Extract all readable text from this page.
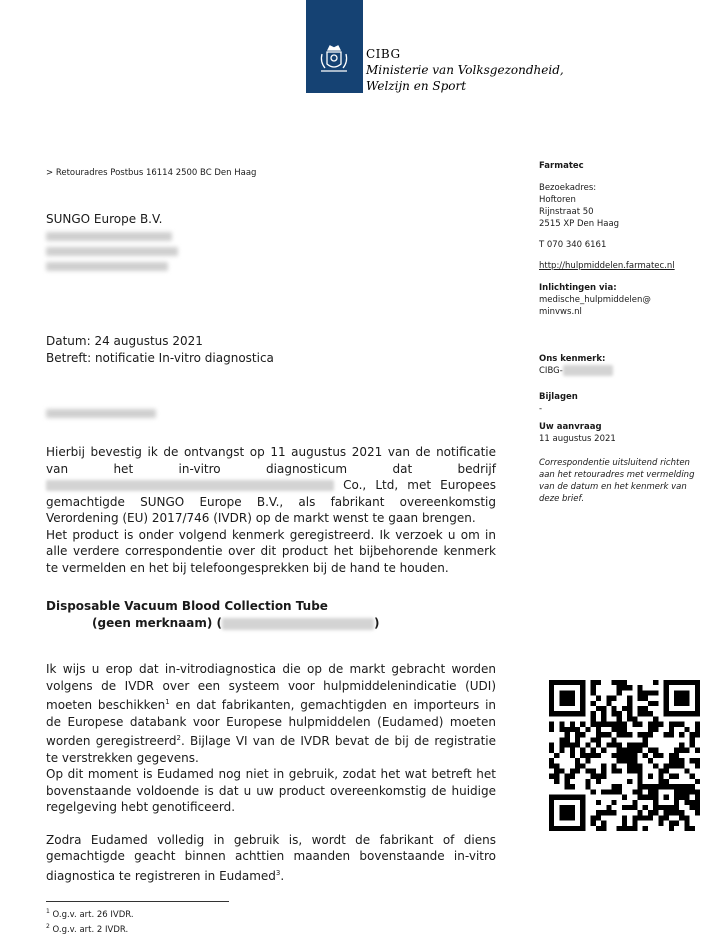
CIBG
Ministerie van Volksgezondheid,
Welzijn en Sport
> Retouradres Postbus 16114 2500 BC Den Haag
SUNGO Europe B.V.
Datum: 24 augustus 2021
Betreft: notificatie In-vitro diagnostica

Hierbij bevestig ik de ontvangst op 11 augustus 2021 van de notificatie van het in-vitro diagnosticum dat bedrijf  Co., Ltd, met Europees gemachtigde SUNGO Europe B.V., als fabrikant overeenkomstig Verordening (EU) 2017/746 (IVDR) op de markt wenst te gaan brengen.

Het product is onder volgend kenmerk geregistreerd. Ik verzoek u om in alle verdere correspondentie over dit product het bijbehorende kenmerk te vermelden en het bij telefoongesprekken bij de hand te houden.

Disposable Vacuum Blood Collection Tube
(geen merknaam) (	)

Ik wijs u erop dat in-vitrodiagnostica die op de markt gebracht worden volgens de IVDR over een systeem voor hulpmiddelenindicatie (UDI) moeten beschikken$^1$ en dat fabrikanten, gemachtigden en importeurs in de Europese databank voor Europese hulpmiddelen (Eudamed) moeten worden geregistreerd$^2$. Bijlage VI van de IVDR bevat de bij de registratie te verstrekken gegevens.

Op dit moment is Eudamed nog niet in gebruik, zodat het wat betreft het bovenstaande voldoende is dat u uw product overeenkomstig de huidige regelgeving hebt genotificeerd.

Zodra Eudamed volledig in gebruik is, wordt de fabrikant of diens gemachtigde geacht binnen achttien maanden bovenstaande in-vitro diagnostica te registreren in Eudamed$^3$.

Farmatec
Bezoekadres:
Hoftoren
Rijnstraat 50
2515 XP Den Haag
T 070 340 6161
http://hulpmiddelen.farmatec.nl
Inlichtingen via:
medische_hulpmiddelen@
minvws.nl
Ons kenmerk:
CIBG-
Bijlagen
-
Uw aanvraag
11 augustus 2021
Correspondentie uitsluitend richten aan het retouradres met vermelding van de datum en het kenmerk van deze brief.
$^1$ O.g.v. art. 26 IVDR.
$^2$ O.g.v. art. 2 IVDR.
